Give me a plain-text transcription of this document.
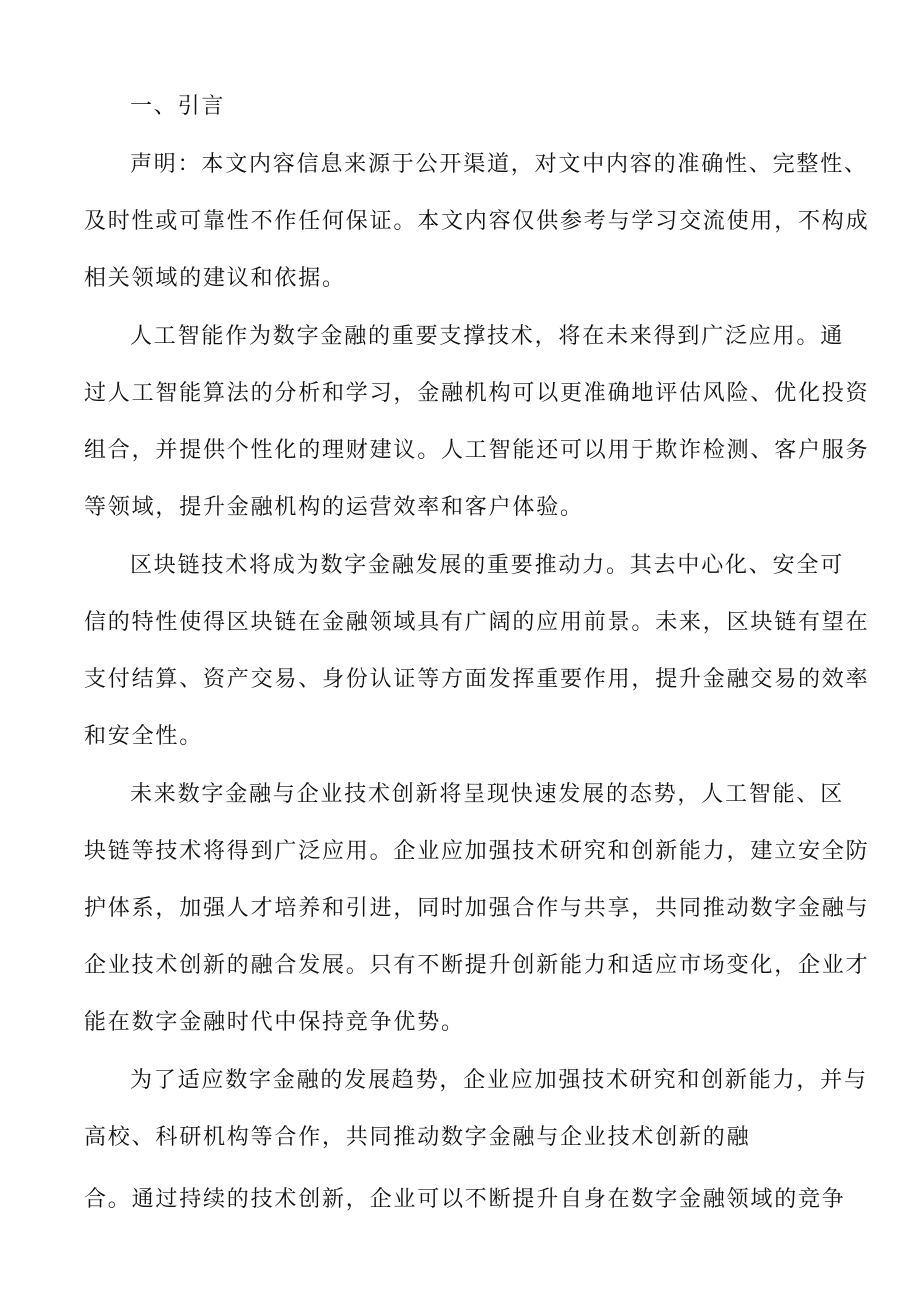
一、引言
声明：本文内容信息来源于公开渠道，对文中内容的准确性、完整性、
及时性或可靠性不作任何保证。本文内容仅供参考与学习交流使用，不构成
相关领域的建议和依据。
人工智能作为数字金融的重要支撑技术，将在未来得到广泛应用。通
过人工智能算法的分析和学习，金融机构可以更准确地评估风险、优化投资
组合，并提供个性化的理财建议。人工智能还可以用于欺诈检测、客户服务
等领域，提升金融机构的运营效率和客户体验。
区块链技术将成为数字金融发展的重要推动力。其去中心化、安全可
信的特性使得区块链在金融领域具有广阔的应用前景。未来，区块链有望在
支付结算、资产交易、身份认证等方面发挥重要作用，提升金融交易的效率
和安全性。
未来数字金融与企业技术创新将呈现快速发展的态势，人工智能、区
块链等技术将得到广泛应用。企业应加强技术研究和创新能力，建立安全防
护体系，加强人才培养和引进，同时加强合作与共享，共同推动数字金融与
企业技术创新的融合发展。只有不断提升创新能力和适应市场变化，企业才
能在数字金融时代中保持竞争优势。
为了适应数字金融的发展趋势，企业应加强技术研究和创新能力，并与
高校、科研机构等合作，共同推动数字金融与企业技术创新的融
合。通过持续的技术创新，企业可以不断提升自身在数字金融领域的竞争
